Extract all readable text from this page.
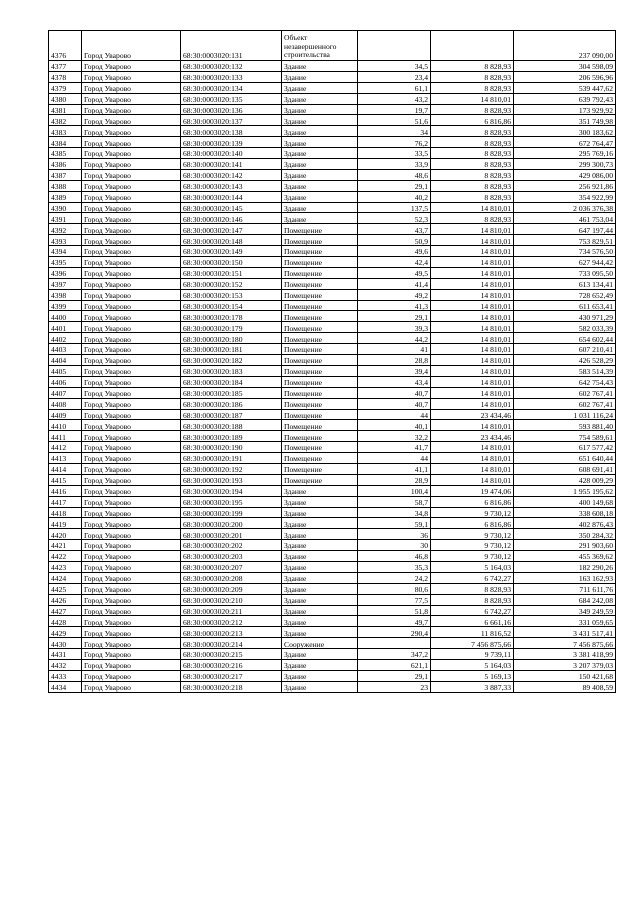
4376	Город Уварово	68:30:0003020:131	Объект незавершенного строительства			237 090,00
4377	Город Уварово	68:30:0003020:132	Здание	34,5	8 828,93	304 598,09
4378	Город Уварово	68:30:0003020:133	Здание	23,4	8 828,93	206 596,96
4379	Город Уварово	68:30:0003020:134	Здание	61,1	8 828,93	539 447,62
4380	Город Уварово	68:30:0003020:135	Здание	43,2	14 810,01	639 792,43
4381	Город Уварово	68:30:0003020:136	Здание	19,7	8 828,93	173 929,92
4382	Город Уварово	68:30:0003020:137	Здание	51,6	6 816,86	351 749,98
4383	Город Уварово	68:30:0003020:138	Здание	34	8 828,93	300 183,62
4384	Город Уварово	68:30:0003020:139	Здание	76,2	8 828,93	672 764,47
4385	Город Уварово	68:30:0003020:140	Здание	33,5	8 828,93	295 769,16
4386	Город Уварово	68:30:0003020:141	Здание	33,9	8 828,93	299 300,73
4387	Город Уварово	68:30:0003020:142	Здание	48,6	8 828,93	429 086,00
4388	Город Уварово	68:30:0003020:143	Здание	29,1	8 828,93	256 921,86
4389	Город Уварово	68:30:0003020:144	Здание	40,2	8 828,93	354 922,99
4390	Город Уварово	68:30:0003020:145	Здание	137,5	14 810,01	2 036 376,38
4391	Город Уварово	68:30:0003020:146	Здание	52,3	8 828,93	461 753,04
4392	Город Уварово	68:30:0003020:147	Помещение	43,7	14 810,01	647 197,44
4393	Город Уварово	68:30:0003020:148	Помещение	50,9	14 810,01	753 829,51
4394	Город Уварово	68:30:0003020:149	Помещение	49,6	14 810,01	734 576,50
4395	Город Уварово	68:30:0003020:150	Помещение	42,4	14 810,01	627 944,42
4396	Город Уварово	68:30:0003020:151	Помещение	49,5	14 810,01	733 095,50
4397	Город Уварово	68:30:0003020:152	Помещение	41,4	14 810,01	613 134,41
4398	Город Уварово	68:30:0003020:153	Помещение	49,2	14 810,01	728 652,49
4399	Город Уварово	68:30:0003020:154	Помещение	41,3	14 810,01	611 653,41
4400	Город Уварово	68:30:0003020:178	Помещение	29,1	14 810,01	430 971,29
4401	Город Уварово	68:30:0003020:179	Помещение	39,3	14 810,01	582 033,39
4402	Город Уварово	68:30:0003020:180	Помещение	44,2	14 810,01	654 602,44
4403	Город Уварово	68:30:0003020:181	Помещение	41	14 810,01	607 210,41
4404	Город Уварово	68:30:0003020:182	Помещение	28,8	14 810,01	426 528,29
4405	Город Уварово	68:30:0003020:183	Помещение	39,4	14 810,01	583 514,39
4406	Город Уварово	68:30:0003020:184	Помещение	43,4	14 810,01	642 754,43
4407	Город Уварово	68:30:0003020:185	Помещение	40,7	14 810,01	602 767,41
4408	Город Уварово	68:30:0003020:186	Помещение	40,7	14 810,01	602 767,41
4409	Город Уварово	68:30:0003020:187	Помещение	44	23 434,46	1 031 116,24
4410	Город Уварово	68:30:0003020:188	Помещение	40,1	14 810,01	593 881,40
4411	Город Уварово	68:30:0003020:189	Помещение	32,2	23 434,46	754 589,61
4412	Город Уварово	68:30:0003020:190	Помещение	41,7	14 810,01	617 577,42
4413	Город Уварово	68:30:0003020:191	Помещение	44	14 810,01	651 640,44
4414	Город Уварово	68:30:0003020:192	Помещение	41,1	14 810,01	608 691,41
4415	Город Уварово	68:30:0003020:193	Помещение	28,9	14 810,01	428 009,29
4416	Город Уварово	68:30:0003020:194	Здание	100,4	19 474,06	1 955 195,62
4417	Город Уварово	68:30:0003020:195	Здание	58,7	6 816,86	400 149,68
4418	Город Уварово	68:30:0003020:199	Здание	34,8	9 730,12	338 608,18
4419	Город Уварово	68:30:0003020:200	Здание	59,1	6 816,86	402 876,43
4420	Город Уварово	68:30:0003020:201	Здание	36	9 730,12	350 284,32
4421	Город Уварово	68:30:0003020:202	Здание	30	9 730,12	291 903,60
4422	Город Уварово	68:30:0003020:203	Здание	46,8	9 730,12	455 369,62
4423	Город Уварово	68:30:0003020:207	Здание	35,3	5 164,03	182 290,26
4424	Город Уварово	68:30:0003020:208	Здание	24,2	6 742,27	163 162,93
4425	Город Уварово	68:30:0003020:209	Здание	80,6	8 828,93	711 611,76
4426	Город Уварово	68:30:0003020:210	Здание	77,5	8 828,93	684 242,08
4427	Город Уварово	68:30:0003020:211	Здание	51,8	6 742,27	349 249,59
4428	Город Уварово	68:30:0003020:212	Здание	49,7	6 661,16	331 059,65
4429	Город Уварово	68:30:0003020:213	Здание	290,4	11 816,52	3 431 517,41
4430	Город Уварово	68:30:0003020:214	Сооружение		7 456 875,66	7 456 875,66
4431	Город Уварово	68:30:0003020:215	Здание	347,2	9 739,11	3 381 418,99
4432	Город Уварово	68:30:0003020:216	Здание	621,1	5 164,03	3 207 379,03
4433	Город Уварово	68:30:0003020:217	Здание	29,1	5 169,13	150 421,68
4434	Город Уварово	68:30:0003020:218	Здание	23	3 887,33	89 408,59
